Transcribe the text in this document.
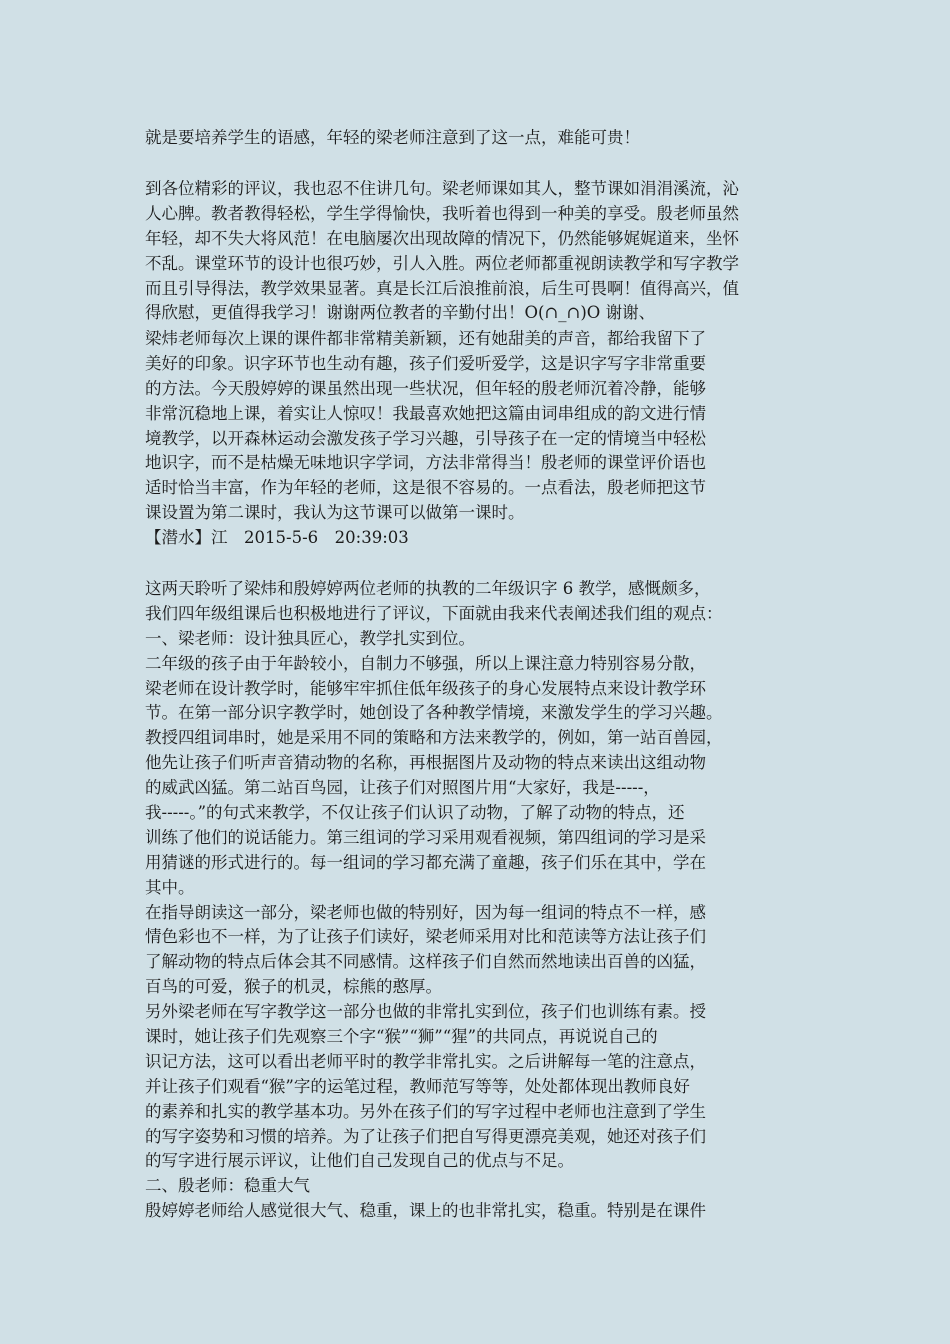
就是要培养学生的语感，年轻的梁老师注意到了这一点，难能可贵！

到各位精彩的评议，我也忍不住讲几句。梁老师课如其人，整节课如涓涓溪流，沁
人心脾。教者教得轻松，学生学得愉快，我听着也得到一种美的享受。殷老师虽然
年轻，却不失大将风范！在电脑屡次出现故障的情况下，仍然能够娓娓道来，坐怀
不乱。课堂环节的设计也很巧妙，引人入胜。两位老师都重视朗读教学和写字教学
而且引导得法，教学效果显著。真是长江后浪推前浪，后生可畏啊！值得高兴，值
得欣慰，更值得我学习！谢谢两位教者的辛勤付出！O(∩_∩)O 谢谢、
梁炜老师每次上课的课件都非常精美新颖，还有她甜美的声音，都给我留下了
美好的印象。识字环节也生动有趣，孩子们爱听爱学，这是识字写字非常重要
的方法。今天殷婷婷的课虽然出现一些状况，但年轻的殷老师沉着冷静，能够
非常沉稳地上课，着实让人惊叹！我最喜欢她把这篇由词串组成的韵文进行情
境教学，以开森林运动会激发孩子学习兴趣，引导孩子在一定的情境当中轻松
地识字，而不是枯燥无味地识字学词，方法非常得当！殷老师的课堂评价语也
适时恰当丰富，作为年轻的老师，这是很不容易的。一点看法，殷老师把这节
课设置为第二课时，我认为这节课可以做第一课时。

【潜水】江　2015-5-6　20:39:03

这两天聆听了梁炜和殷婷婷两位老师的执教的二年级识字 6 教学，感慨颇多，
我们四年级组课后也积极地进行了评议，下面就由我来代表阐述我们组的观点：
一、梁老师：设计独具匠心，教学扎实到位。
二年级的孩子由于年龄较小，自制力不够强，所以上课注意力特别容易分散，
梁老师在设计教学时，能够牢牢抓住低年级孩子的身心发展特点来设计教学环
节。在第一部分识字教学时，她创设了各种教学情境，来激发学生的学习兴趣。
教授四组词串时，她是采用不同的策略和方法来教学的，例如，第一站百兽园，
他先让孩子们听声音猜动物的名称，再根据图片及动物的特点来读出这组动物
的威武凶猛。第二站百鸟园，让孩子们对照图片用“大家好，我是-----，
我-----。”的句式来教学，不仅让孩子们认识了动物，了解了动物的特点，还
训练了他们的说话能力。第三组词的学习采用观看视频，第四组词的学习是采
用猜谜的形式进行的。每一组词的学习都充满了童趣，孩子们乐在其中，学在
其中。
在指导朗读这一部分，梁老师也做的特别好，因为每一组词的特点不一样，感
情色彩也不一样，为了让孩子们读好，梁老师采用对比和范读等方法让孩子们
了解动物的特点后体会其不同感情。这样孩子们自然而然地读出百兽的凶猛，
百鸟的可爱，猴子的机灵，棕熊的憨厚。
另外梁老师在写字教学这一部分也做的非常扎实到位，孩子们也训练有素。授
课时，她让孩子们先观察三个字“猴”“狮”“猩”的共同点，再说说自己的
识记方法，这可以看出老师平时的教学非常扎实。之后讲解每一笔的注意点，
并让孩子们观看“猴”字的运笔过程，教师范写等等，处处都体现出教师良好
的素养和扎实的教学基本功。另外在孩子们的写字过程中老师也注意到了学生
的写字姿势和习惯的培养。为了让孩子们把自写得更漂亮美观，她还对孩子们
的写字进行展示评议，让他们自己发现自己的优点与不足。
二、殷老师：稳重大气
殷婷婷老师给人感觉很大气、稳重，课上的也非常扎实，稳重。特别是在课件
